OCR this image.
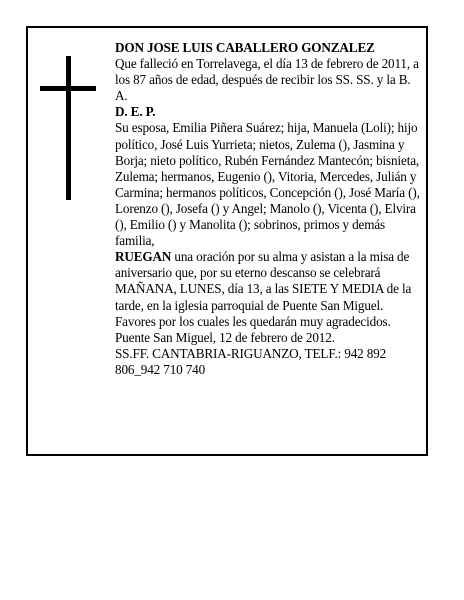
DON JOSE LUIS CABALLERO GONZALEZ

Que falleció en Torrelavega, el día 13 de febrero de 2011, a los 87 años de edad, después de recibir los SS. SS. y la B. A.

D. E. P.

Su esposa, Emilia Piñera Suárez; hija, Manuela (Loli); hijo político, José Luis Yurrieta; nietos, Zulema (), Jasmina y Borja; nieto político, Rubén Fernández Mantecón; bisnieta, Zulema; hermanos, Eugenio (), Vitoria, Mercedes, Julián y Carmina; hermanos políticos, Concepción (), José María (), Lorenzo (), Josefa () y Angel; Manolo (), Vicenta (), Elvira (), Emilio () y Manolita (); sobrinos, primos y demás familia,

RUEGAN una oración por su alma y asistan a la misa de aniversario que, por su eterno descanso se celebrará MAÑANA, LUNES, día 13, a las SIETE Y MEDIA de la tarde, en la iglesia parroquial de Puente San Miguel. Favores por los cuales les quedarán muy agradecidos.

Puente San Miguel, 12 de febrero de 2012.

SS.FF. CANTABRIA-RIGUANZO, TELF.: 942 892 806_942 710 740
